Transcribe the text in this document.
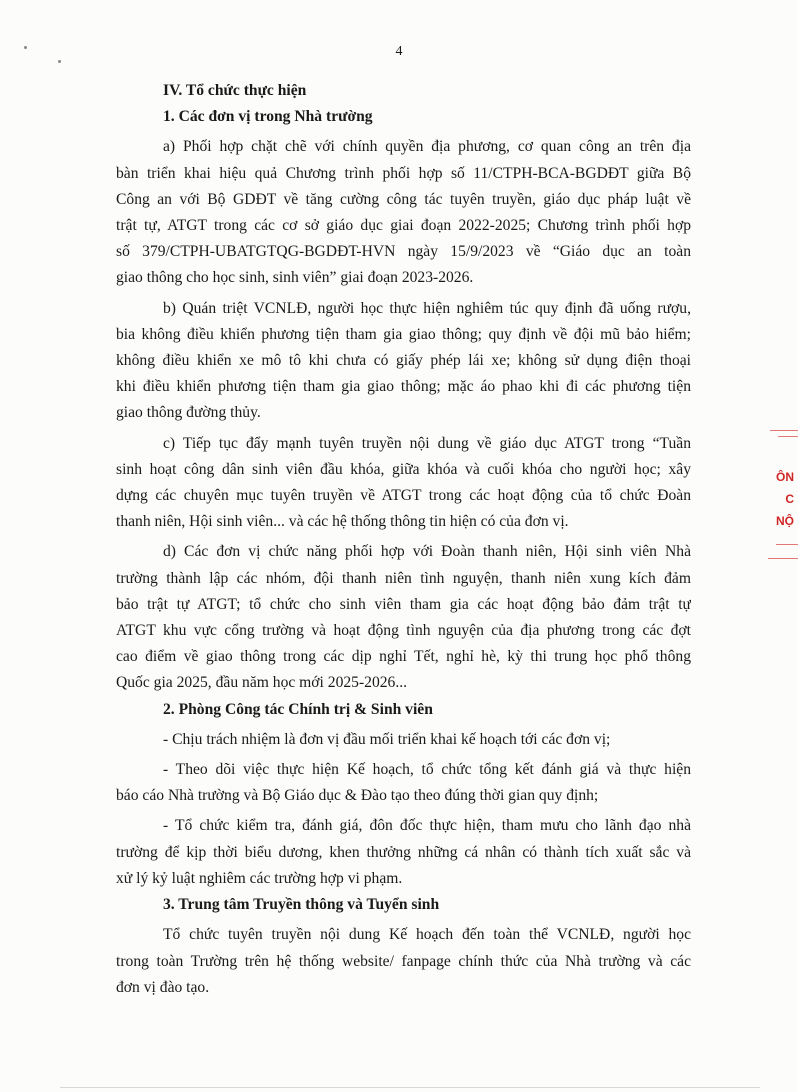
4
IV. Tổ chức thực hiện
1. Các đơn vị trong Nhà trường
a) Phối hợp chặt chẽ với chính quyền địa phương, cơ quan công an trên địa
bàn triển khai hiệu quả Chương trình phối hợp số 11/CTPH-BCA-BGDĐT giữa Bộ
Công an với Bộ GDĐT về tăng cường công tác tuyên truyền, giáo dục pháp luật về
trật tự, ATGT trong các cơ sở giáo dục giai đoạn 2022-2025; Chương trình phối hợp
số 379/CTPH-UBATGTQG-BGDĐT-HVN ngày 15/9/2023 về “Giáo dục an toàn
giao thông cho học sinh, sinh viên” giai đoạn 2023-2026.
b) Quán triệt VCNLĐ, người học thực hiện nghiêm túc quy định đã uống rượu,
bia không điều khiển phương tiện tham gia giao thông; quy định về đội mũ bảo hiểm;
không điều khiển xe mô tô khi chưa có giấy phép lái xe; không sử dụng điện thoại
khi điều khiển phương tiện tham gia giao thông; mặc áo phao khi đi các phương tiện
giao thông đường thủy.
c) Tiếp tục đẩy mạnh tuyên truyền nội dung về giáo dục ATGT trong “Tuần
sinh hoạt công dân sinh viên đầu khóa, giữa khóa và cuối khóa cho người học; xây
dựng các chuyên mục tuyên truyền về ATGT trong các hoạt động của tổ chức Đoàn
thanh niên, Hội sinh viên... và các hệ thống thông tin hiện có của đơn vị.
d) Các đơn vị chức năng phối hợp với Đoàn thanh niên, Hội sinh viên Nhà
trường thành lập các nhóm, đội thanh niên tình nguyện, thanh niên xung kích đảm
bảo trật tự ATGT; tổ chức cho sinh viên tham gia các hoạt động bảo đảm trật tự
ATGT khu vực cổng trường và hoạt động tình nguyện của địa phương trong các đợt
cao điểm về giao thông trong các dịp nghỉ Tết, nghỉ hè, kỳ thi trung học phổ thông
Quốc gia 2025, đầu năm học mới 2025-2026...
2. Phòng Công tác Chính trị & Sinh viên
- Chịu trách nhiệm là đơn vị đầu mối triển khai kế hoạch tới các đơn vị;
- Theo dõi việc thực hiện Kế hoạch, tổ chức tổng kết đánh giá và thực hiện
báo cáo Nhà trường và Bộ Giáo dục & Đào tạo theo đúng thời gian quy định;
- Tổ chức kiểm tra, đánh giá, đôn đốc thực hiện, tham mưu cho lãnh đạo nhà
trường để kịp thời biểu dương, khen thưởng những cá nhân có thành tích xuất sắc và
xử lý kỷ luật nghiêm các trường hợp vi phạm.
3. Trung tâm Truyền thông và Tuyển sinh
Tổ chức tuyên truyền nội dung Kế hoạch đến toàn thể VCNLĐ, người học
trong toàn Trường trên hệ thống website/ fanpage chính thức của Nhà trường và các
đơn vị đào tạo.
ÔN
C
NỘ
